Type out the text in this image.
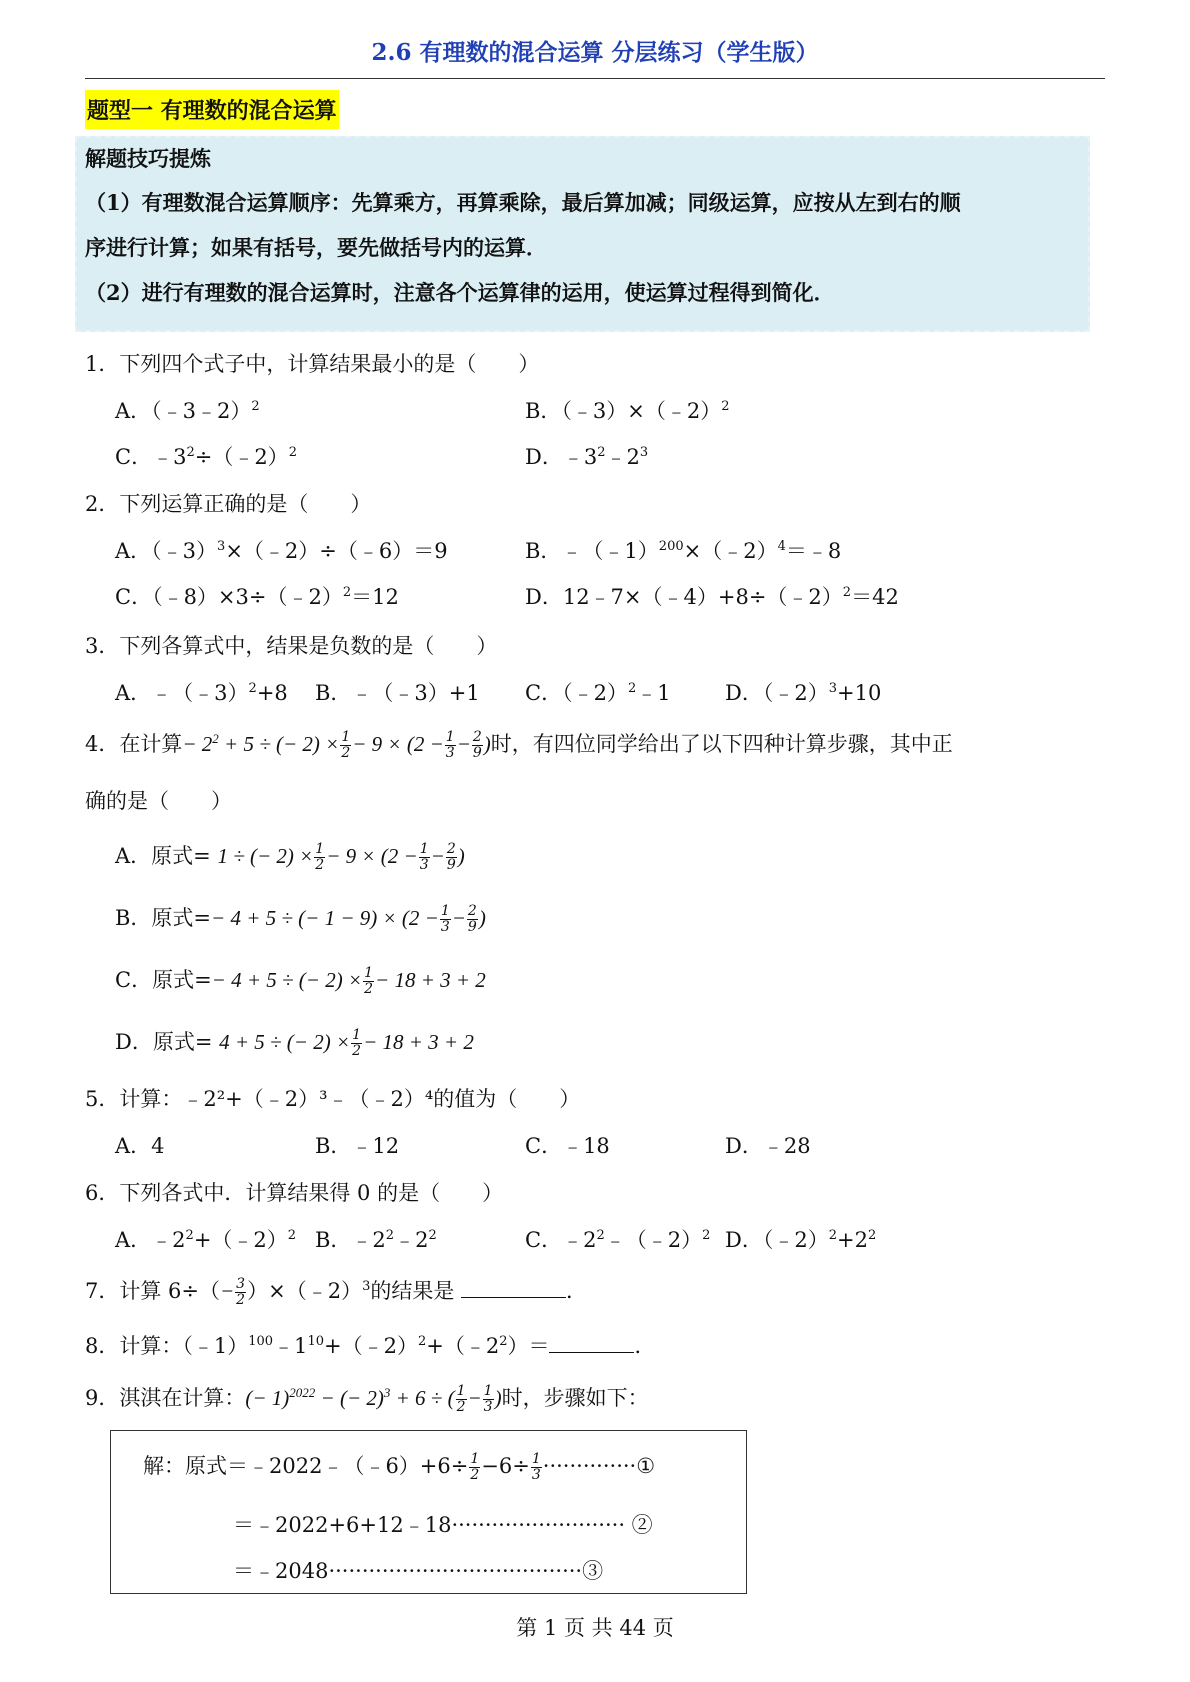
2.6 有理数的混合运算 分层练习（学生版）
题型一 有理数的混合运算
解题技巧提炼
（1）有理数混合运算顺序：先算乘方，再算乘除，最后算加减；同级运算，应按从左到右的顺
序进行计算；如果有括号，要先做括号内的运算．
（2）进行有理数的混合运算时，注意各个运算律的运用，使运算过程得到简化．
1．下列四个式子中，计算结果最小的是（　　）
A．（﹣3﹣2）$^2$	B．（﹣3）×（﹣2）$^2$
C．$﹣3^2\div(﹣2)^2$	D．$﹣3^2﹣2^3$
2．下列运算正确的是（　　）
A．（﹣3）$^3$×（﹣2）÷（﹣6）＝9	B．﹣（﹣1）$^{200}$×（﹣2）$^4$＝﹣8
C．（﹣8）×3÷（﹣2）$^2$＝12	D．12﹣7×（﹣4）+8÷（﹣2）$^2$＝42
3．下列各算式中，结果是负数的是（　　）
A．﹣（﹣3）$^2$+8 B．﹣（﹣3）+1 C．（﹣2）$^2$﹣1	D．（﹣2）$^3$+10
4．在计算− $2^2 + 5$ ÷ (− $2) \times \frac{1}{2} - 9 \times (2 - \frac{1}{3} - \frac{2}{9}$ )时，有四位同学给出了以下四种计算步骤，其中正
确的是（　　）
A．原式= 1 ÷ (− $2) \times \frac{1}{2} - 9 \times (2 - \frac{1}{3} - \frac{2}{9}$ )
B．原式=− 4 + 5 ÷ (− $1 - 9) \times (2 - \frac{1}{3} - \frac{2}{9}$ )
C．原式=− 4 + 5 ÷ (− $2) \times \frac{1}{2} - 18 + 3 + 2$
D．原式= 4 + 5 ÷ (− $2) \times \frac{1}{2} - 18 + 3 + 2$
5．计算：﹣2²+（﹣2）³﹣（﹣2）⁴的值为（　　）
A．4	B．﹣12	C．﹣18	D．﹣28
6．下列各式中．计算结果得 0 的是（　　）
A．$﹣2^2+(﹣2)^2$ B．$﹣2^2﹣2^2$	C．$﹣2^2﹣(﹣2)^2$ D．$(﹣2)^2+2^2$
7．计算 $6\div(- \frac{3}{2}$ ）×（﹣2）$^3$的结果是	．
8．计算：$(﹣1)^{100}﹣1^{10}+(﹣2)^2+(﹣2^2)=$	．
9．淇淇在计算：(− 1)$^{2022}$ − (− 2)$^3$ + 6 ÷ ( $\frac{1}{2} - \frac{1}{3}$ )时，步骤如下：
解：原式＝﹣2022﹣（﹣6）+6÷ $\frac{1}{2} -6\div \frac{1}{3}$ ··············①
＝﹣2022+6+12﹣18·························· ②
＝﹣2048······································③
第 1 页 共 44 页
